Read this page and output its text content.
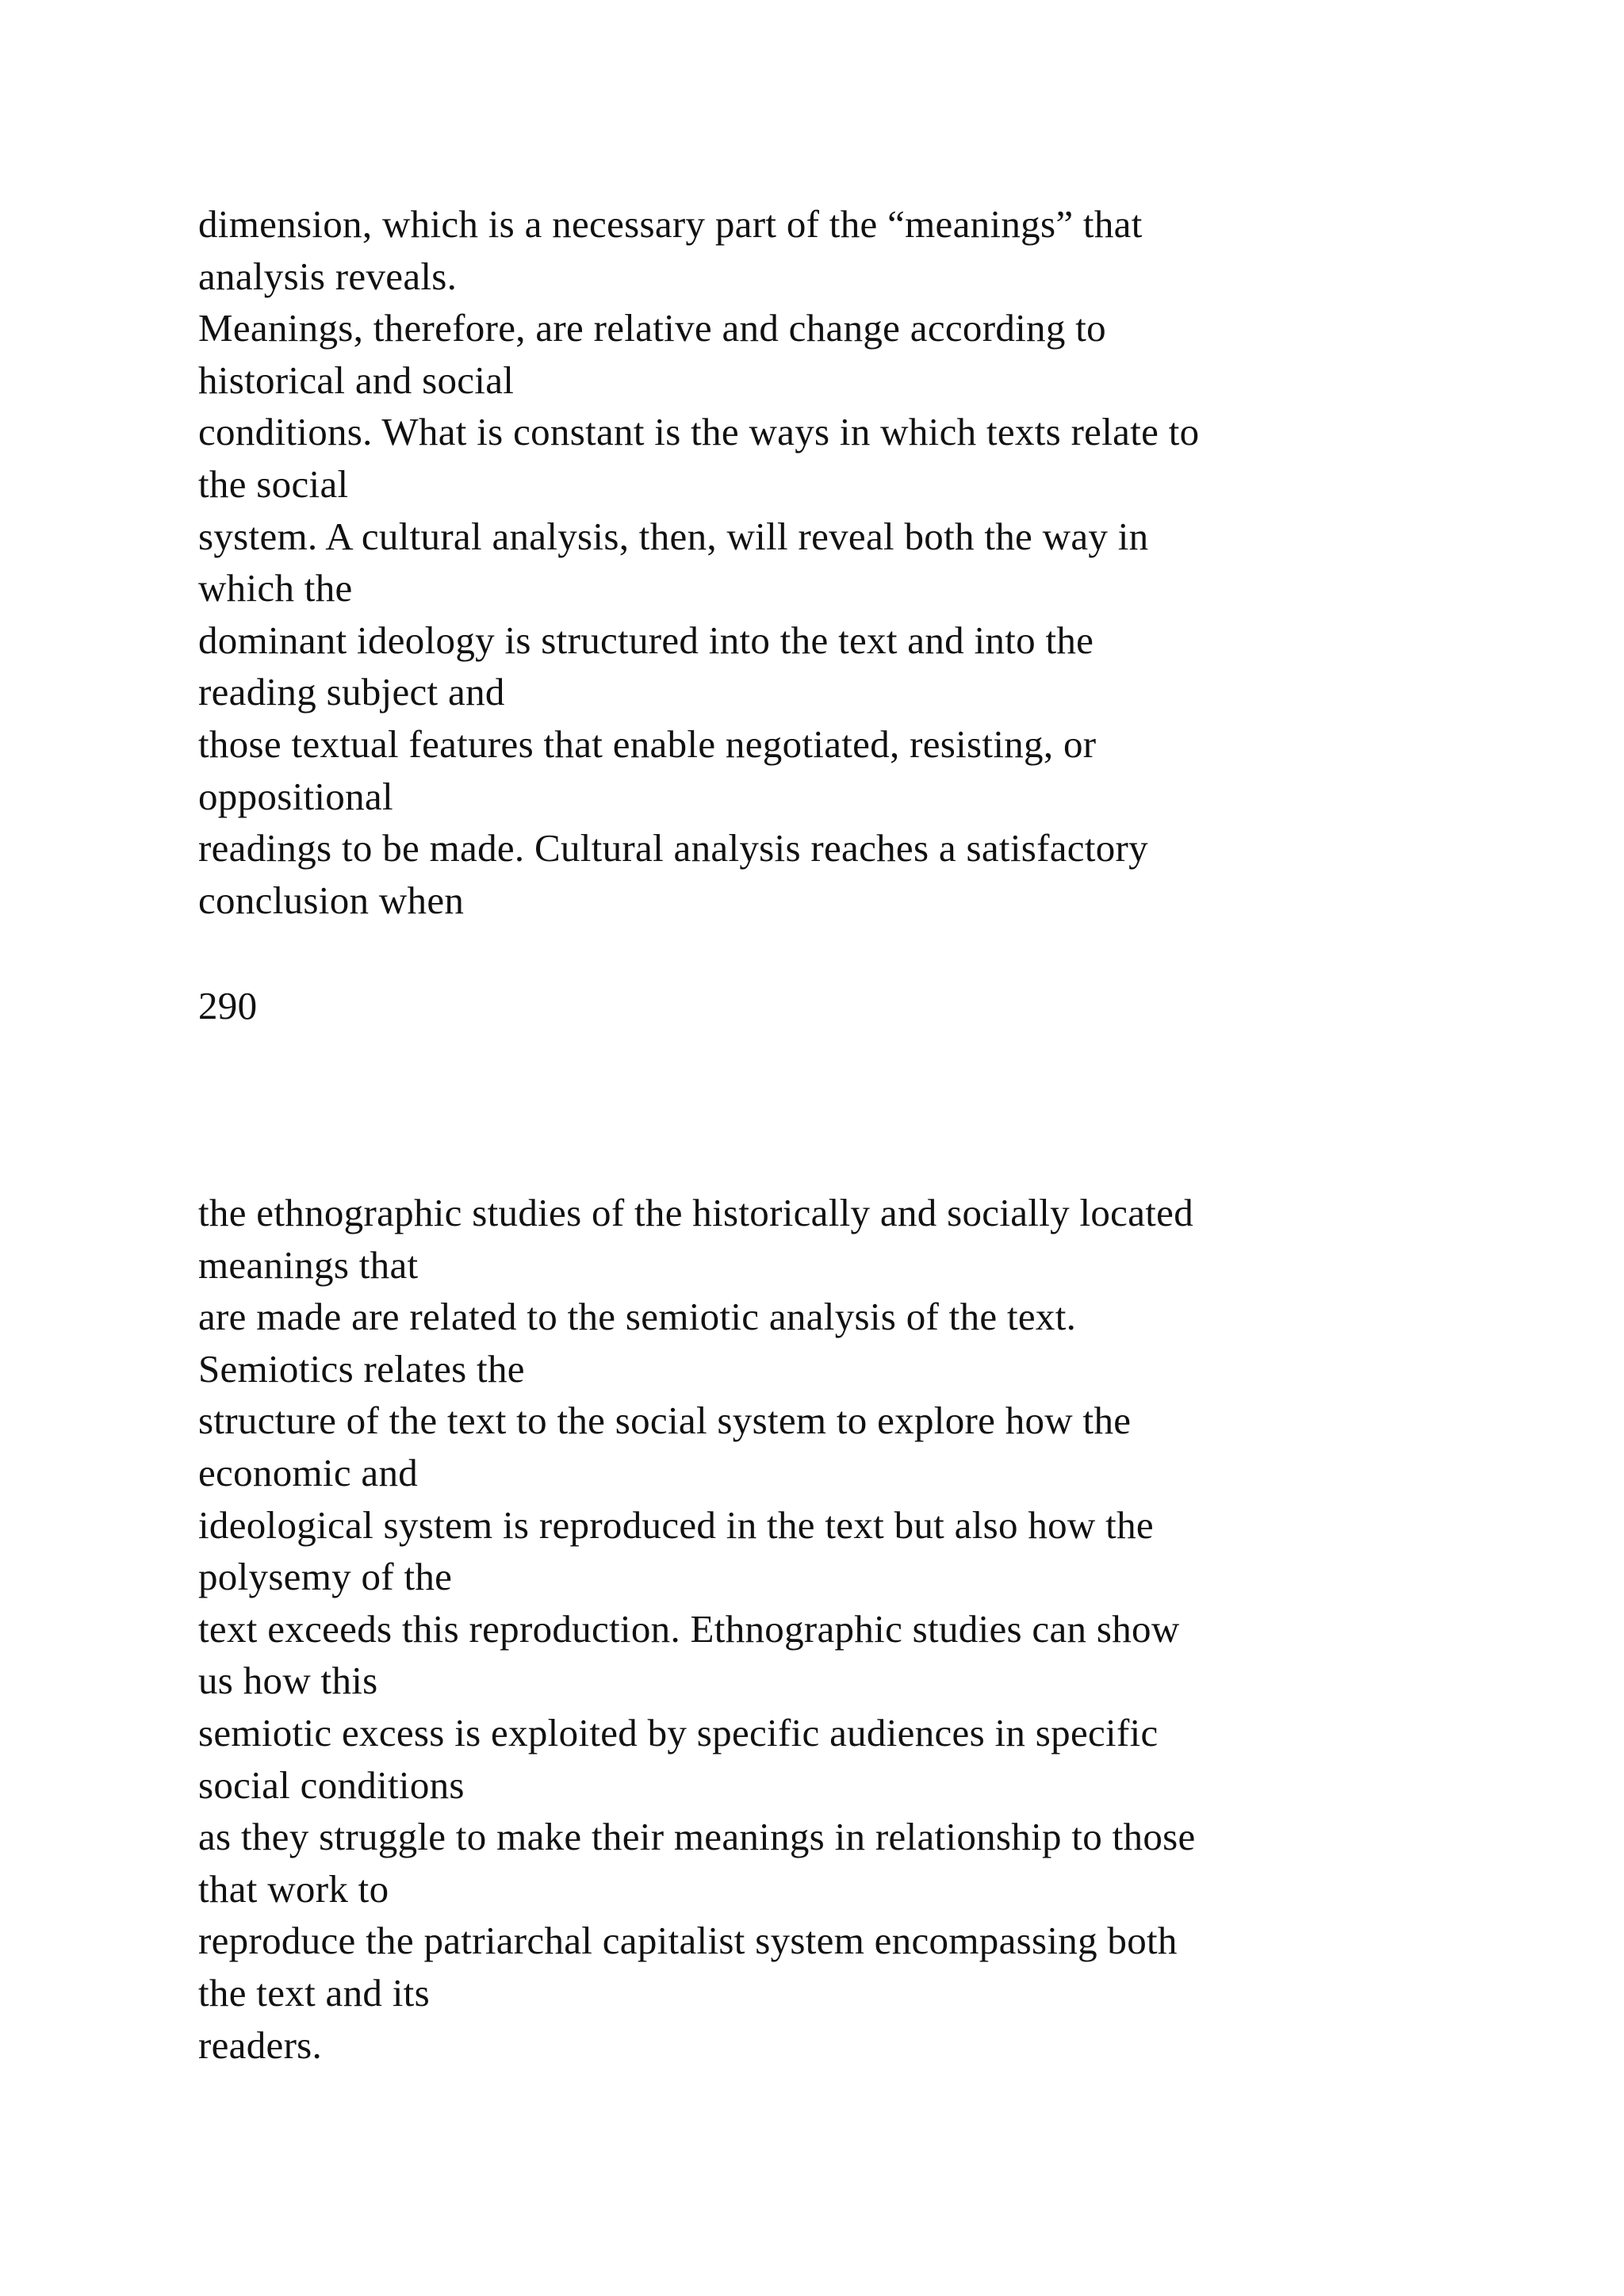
dimension, which is a necessary part of the “meanings” that
analysis reveals.
Meanings, therefore, are relative and change according to
historical and social
conditions. What is constant is the ways in which texts relate to
the social
system. A cultural analysis, then, will reveal both the way in
which the
dominant ideology is structured into the text and into the
reading subject and
those textual features that enable negotiated, resisting, or
oppositional
readings to be made. Cultural analysis reaches a satisfactory
conclusion when
290
the ethnographic studies of the historically and socially located
meanings that
are made are related to the semiotic analysis of the text.
Semiotics relates the
structure of the text to the social system to explore how the
economic and
ideological system is reproduced in the text but also how the
polysemy of the
text exceeds this reproduction. Ethnographic studies can show
us how this
semiotic excess is exploited by specific audiences in specific
social conditions
as they struggle to make their meanings in relationship to those
that work to
reproduce the patriarchal capitalist system encompassing both
the text and its
readers.
